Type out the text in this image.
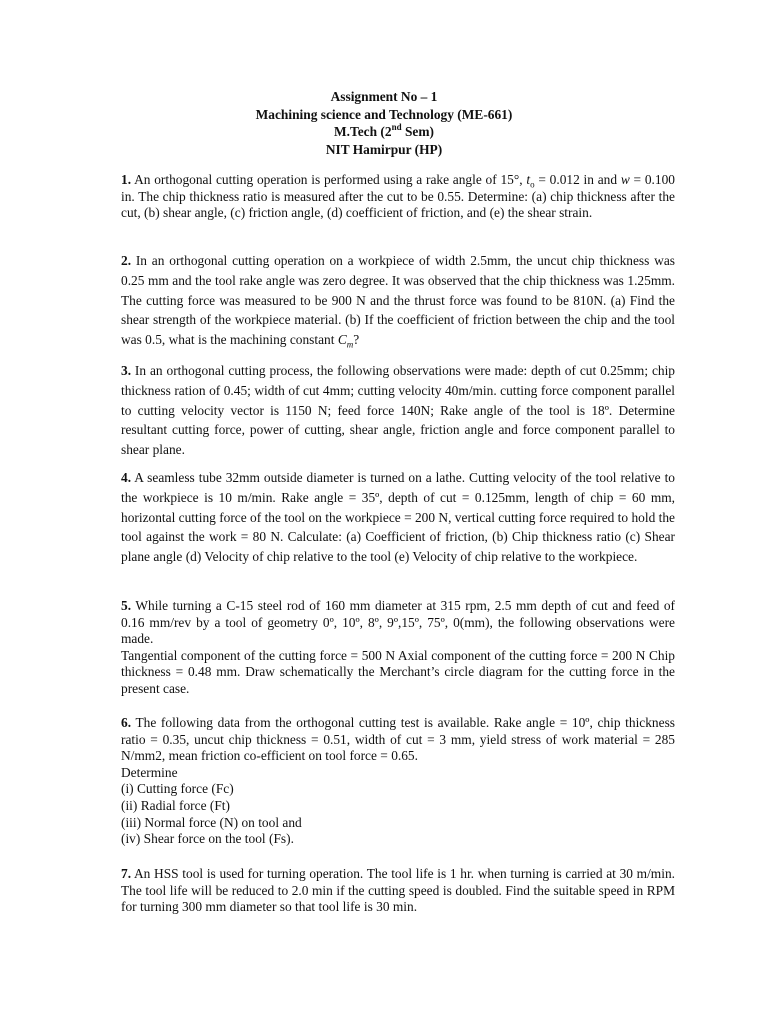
Assignment No – 1
Machining science and Technology (ME-661)
M.Tech (2nd Sem)
NIT Hamirpur (HP)

1. An orthogonal cutting operation is performed using a rake angle of 15°, $t_o = 0.012$ in and w = 0.100 in. The chip thickness ratio is measured after the cut to be 0.55. Determine: (a) chip thickness after the cut, (b) shear angle, (c) friction angle, (d) coefficient of friction, and (e) the shear strain.

2. In an orthogonal cutting operation on a workpiece of width 2.5mm, the uncut chip thickness was 0.25 mm and the tool rake angle was zero degree. It was observed that the chip thickness was 1.25mm. The cutting force was measured to be 900 N and the thrust force was found to be 810N. (a) Find the shear strength of the workpiece material. (b) If the coefficient of friction between the chip and the tool was 0.5, what is the machining constant $C_m$?

3. In an orthogonal cutting process, the following observations were made: depth of cut 0.25mm; chip thickness ration of 0.45; width of cut 4mm; cutting velocity 40m/min. cutting force component parallel to cutting velocity vector is 1150 N; feed force 140N; Rake angle of the tool is 18º. Determine resultant cutting force, power of cutting, shear angle, friction angle and force component parallel to shear plane.

4. A seamless tube 32mm outside diameter is turned on a lathe. Cutting velocity of the tool relative to the workpiece is 10 m/min. Rake angle = 35º, depth of cut = 0.125mm, length of chip = 60 mm, horizontal cutting force of the tool on the workpiece = 200 N, vertical cutting force required to hold the tool against the work = 80 N. Calculate: (a) Coefficient of friction, (b) Chip thickness ratio (c) Shear plane angle (d) Velocity of chip relative to the tool (e) Velocity of chip relative to the workpiece.

5. While turning a C-15 steel rod of 160 mm diameter at 315 rpm, 2.5 mm depth of cut and feed of 0.16 mm/rev by a tool of geometry 0º, 10º, 8º, 9º,15º, 75º, 0(mm), the following observations were made.

Tangential component of the cutting force = 500 N Axial component of the cutting force = 200 N Chip thickness = 0.48 mm. Draw schematically the Merchant’s circle diagram for the cutting force in the present case.

6. The following data from the orthogonal cutting test is available. Rake angle = 10º, chip thickness ratio = 0.35, uncut chip thickness = 0.51, width of cut = 3 mm, yield stress of work material = 285 N/mm2, mean friction co-efficient on tool force = 0.65.

Determine
(i) Cutting force (Fc)
(ii) Radial force (Ft)
(iii) Normal force (N) on tool and
(iv) Shear force on the tool (Fs).

7. An HSS tool is used for turning operation. The tool life is 1 hr. when turning is carried at 30 m/min. The tool life will be reduced to 2.0 min if the cutting speed is doubled. Find the suitable speed in RPM for turning 300 mm diameter so that tool life is 30 min.
